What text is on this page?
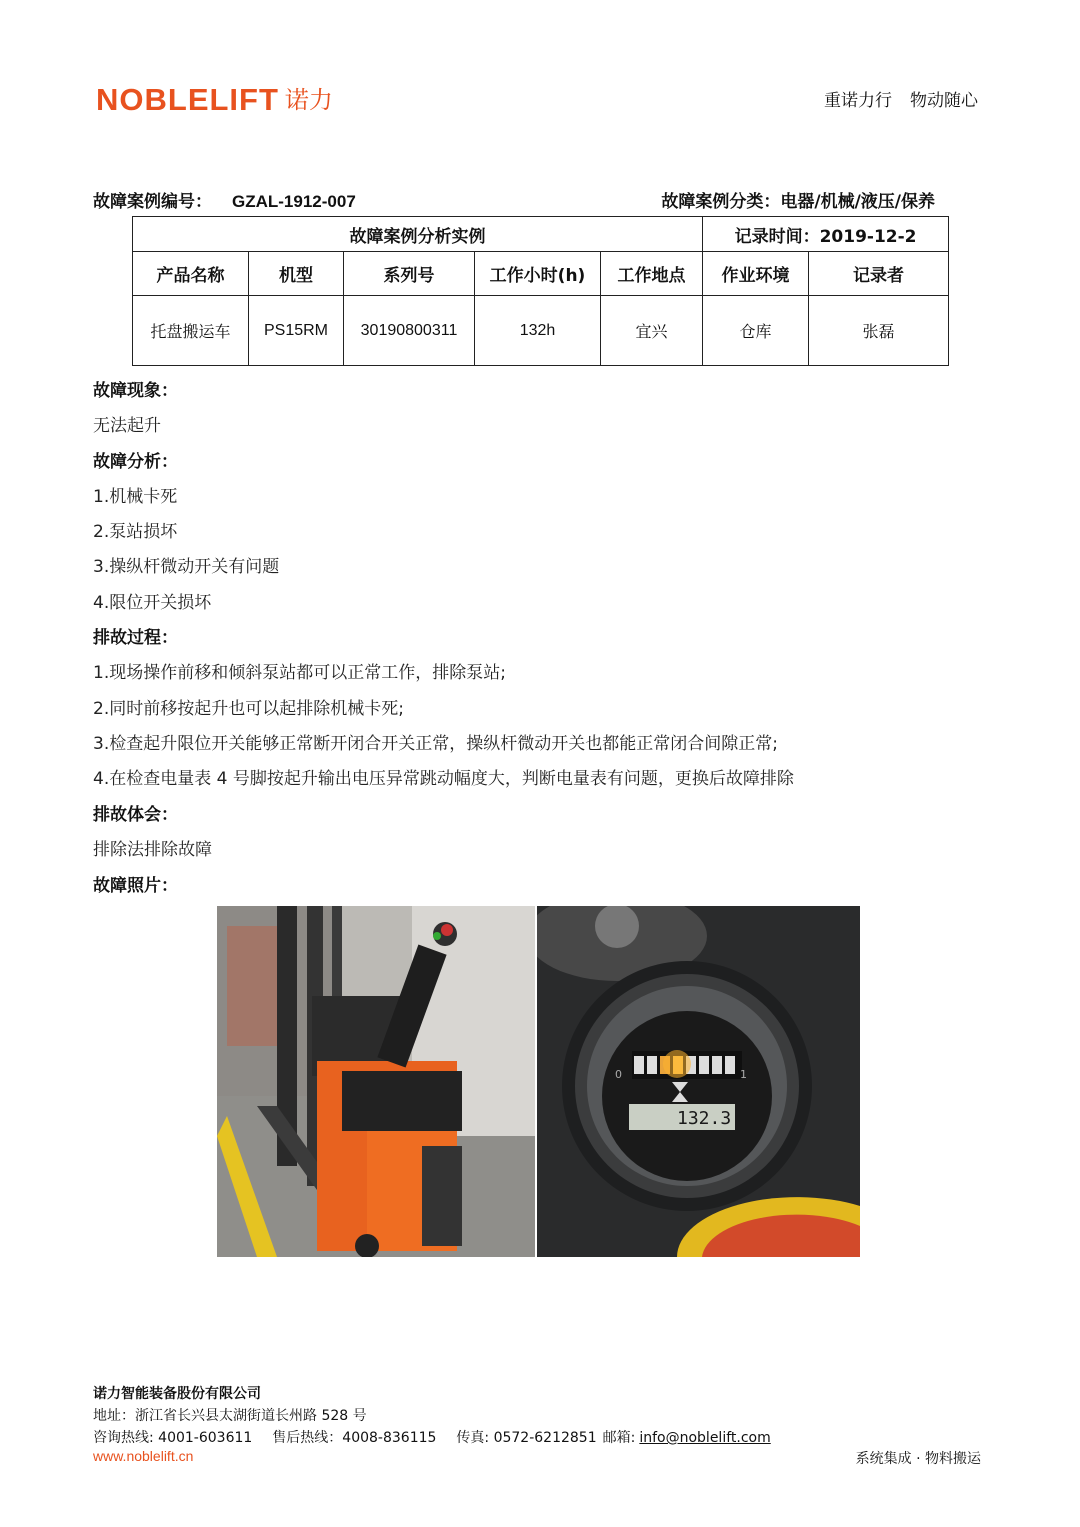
NOBLELIFT 诺力	重诺力行 物动随心
故障案例编号： GZAL-1912-007	故障案例分类：电器/机械/液压/保养
故障案例分析实例					记录时间：2019-12-2	
产品名称	机型	系列号	工作小时(h)	工作地点	作业环境	记录者
托盘搬运车	PS15RM	30190800311	132h	宜兴	仓库	张磊
故障现象：
无法起升
故障分析：
1.机械卡死
2.泵站损坏
3.操纵杆微动开关有问题
4.限位开关损坏
排故过程：
1.现场操作前移和倾斜泵站都可以正常工作，排除泵站;
2.同时前移按起升也可以起排除机械卡死;
3.检查起升限位开关能够正常断开闭合开关正常，操纵杆微动开关也都能正常闭合间隙正常;
4.在检查电量表 4 号脚按起升输出电压异常跳动幅度大，判断电量表有问题，更换后故障排除
排故体会：
排除法排除故障
故障照片：
0	1
132.3
诺力智能装备股份有限公司
地址：浙江省长兴县太湖街道长州路 528 号
咨询热线: 4001-603611 售后热线：4008-836115 传真: 0572-6212851 邮箱: info@noblelift.com
www.noblelift.cn	系统集成 · 物料搬运
